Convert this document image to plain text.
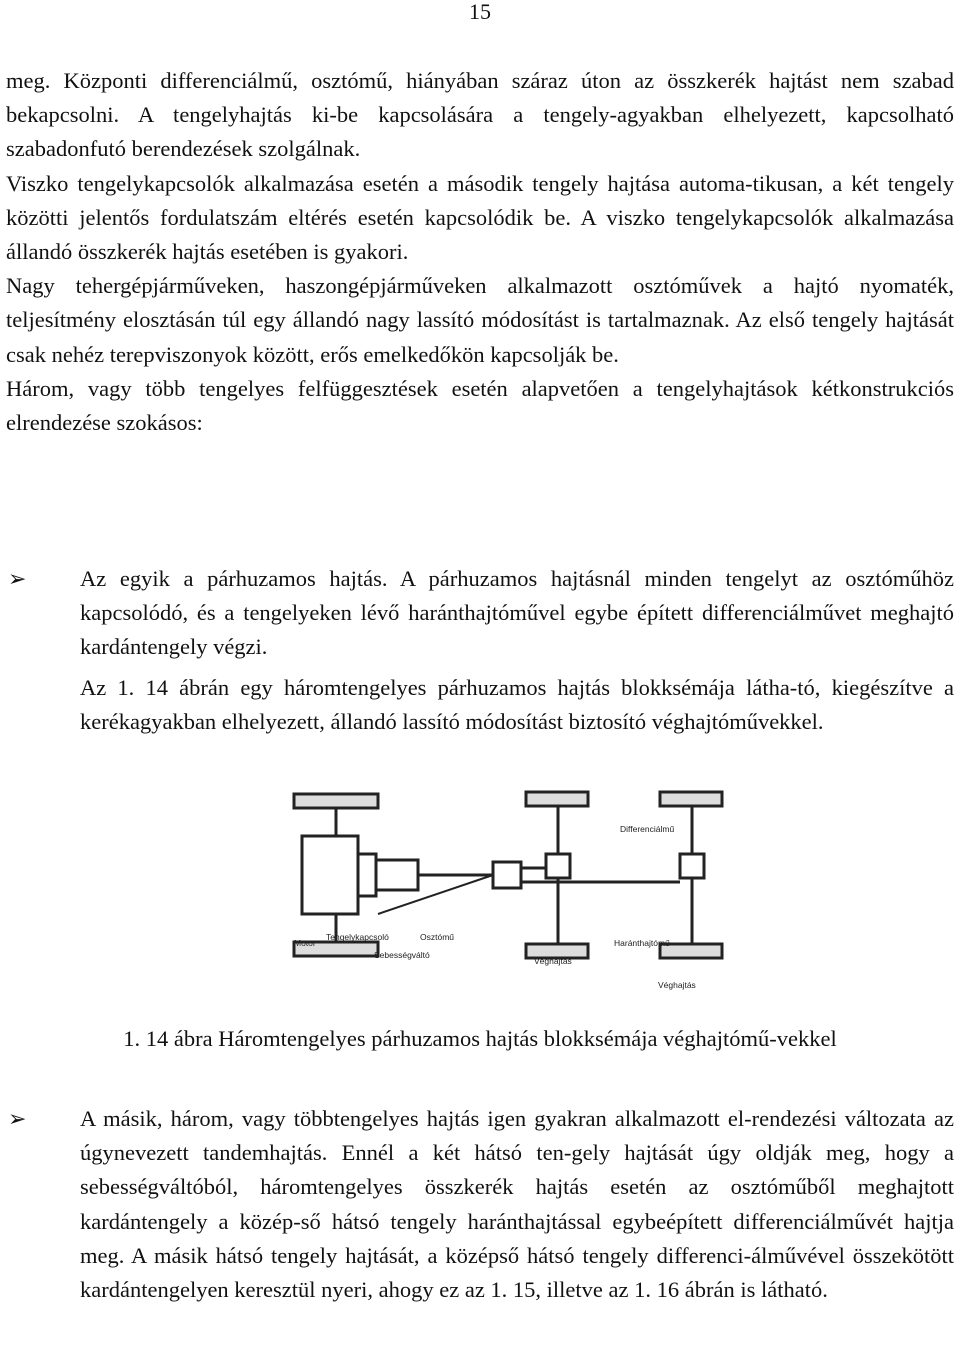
15

meg. Központi differenciálmű, osztómű, hiányában száraz úton az összkerék hajtást nem szabad bekapcsolni. A tengelyhajtás ki-be kapcsolására a tengely-agyakban elhelyezett, kapcsolható szabadonfutó berendezések szolgálnak.

Viszko tengelykapcsolók alkalmazása esetén a második tengely hajtása automa-tikusan, a két tengely közötti jelentős fordulatszám eltérés esetén kapcsolódik be. A viszko tengelykapcsolók alkalmazása állandó összkerék hajtás esetében is gyakori.

Nagy tehergépjárműveken, haszongépjárműveken alkalmazott osztóművek a hajtó nyomaték, teljesítmény elosztásán túl egy állandó nagy lassító módosítást is tartalmaznak. Az első tengely hajtását csak nehéz terepviszonyok között, erős emelkedőkön kapcsolják be.

Három, vagy több tengelyes felfüggesztések esetén alapvetően a tengelyhajtások kétkonstrukciós elrendezése szokásos:

➢	Az egyik a párhuzamos hajtás. A párhuzamos hajtásnál minden tengelyt az osztóműhöz kapcsolódó, és a tengelyeken lévő haránthajtóművel egybe épített differenciálművet meghajtó kardántengely végzi.

Az 1. 14 ábrán egy háromtengelyes párhuzamos hajtás blokksémája látha-tó, kiegészítve a kerékagyakban elhelyezett, állandó lassító módosítást biztosító véghajtóművekkel.

Differenciálmű
Motor
Tengelykapcsoló	Osztómű
Sebességváltó
Véghajtás
Haránthajtómű
Véghajtás
1. 14 ábra Háromtengelyes párhuzamos hajtás blokksémája véghajtómű-vekkel
➢	A másik, három, vagy többtengelyes hajtás igen gyakran alkalmazott el-rendezési változata az úgynevezett tandemhajtás. Ennél a két hátsó ten-gely hajtását úgy oldják meg, hogy a sebességváltóból, háromtengelyes összkerék hajtás esetén az osztóműből meghajtott kardántengely a közép-ső hátsó tengely haránthajtással egybeépített differenciálművét hajtja meg. A másik hátsó tengely hajtását, a középső hátsó tengely differenci-álművével összekötött kardántengelyen keresztül nyeri, ahogy ez az 1. 15, illetve az 1. 16 ábrán is látható.
